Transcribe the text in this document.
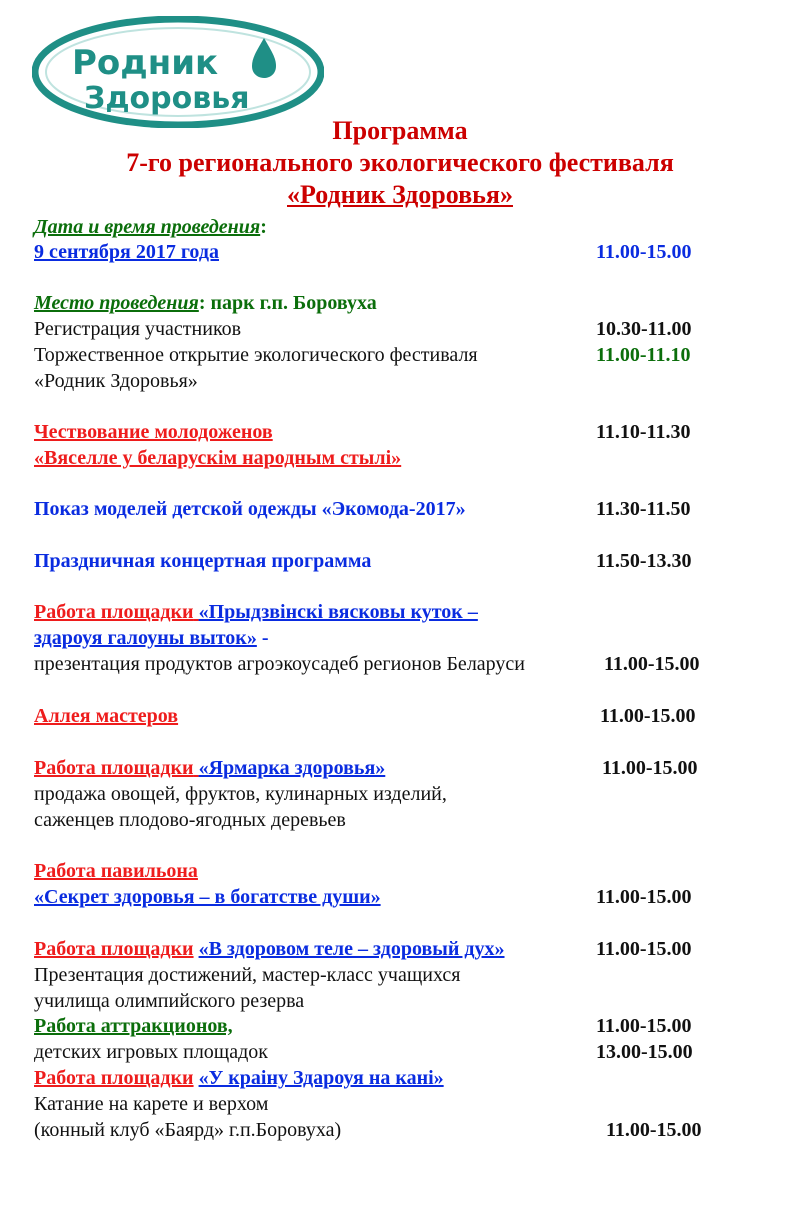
Родник
Здоровья
Программа
7-го регионального экологического фестиваля
«Родник Здоровья»
Дата и время проведения:
9 сентября 2017 года	11.00-15.00
Место проведения: парк г.п. Боровуха
Регистрация участников	10.30-11.00
Торжественное открытие экологического фестиваля	11.00-11.10
«Родник Здоровья»
Чествование молодоженов	11.10-11.30
«Вяселле у беларускім народным стылі»
Показ моделей детской одежды «Экомода-2017»	11.30-11.50
Праздничная концертная программа	11.50-13.30
Работа площадки «Прыдзвінскі вясковы куток –
здароуя галоуны выток» -
презентация продуктов агроэкоусадеб регионов Беларуси	11.00-15.00
Аллея мастеров	11.00-15.00
Работа площадки «Ярмарка здоровья»	11.00-15.00
продажа овощей, фруктов, кулинарных изделий,
саженцев плодово-ягодных деревьев
Работа павильона
«Секрет здоровья – в богатстве души»	11.00-15.00
Работа площадки «В здоровом теле – здоровый дух»	11.00-15.00
Презентация достижений, мастер-класс учащихся
училища олимпийского резерва
Работа аттракционов,	11.00-15.00
детских игровых площадок	13.00-15.00
Работа площадки «У краіну Здароуя на кані»
Катание на карете и верхом
(конный клуб «Баярд» г.п.Боровуха)	11.00-15.00
